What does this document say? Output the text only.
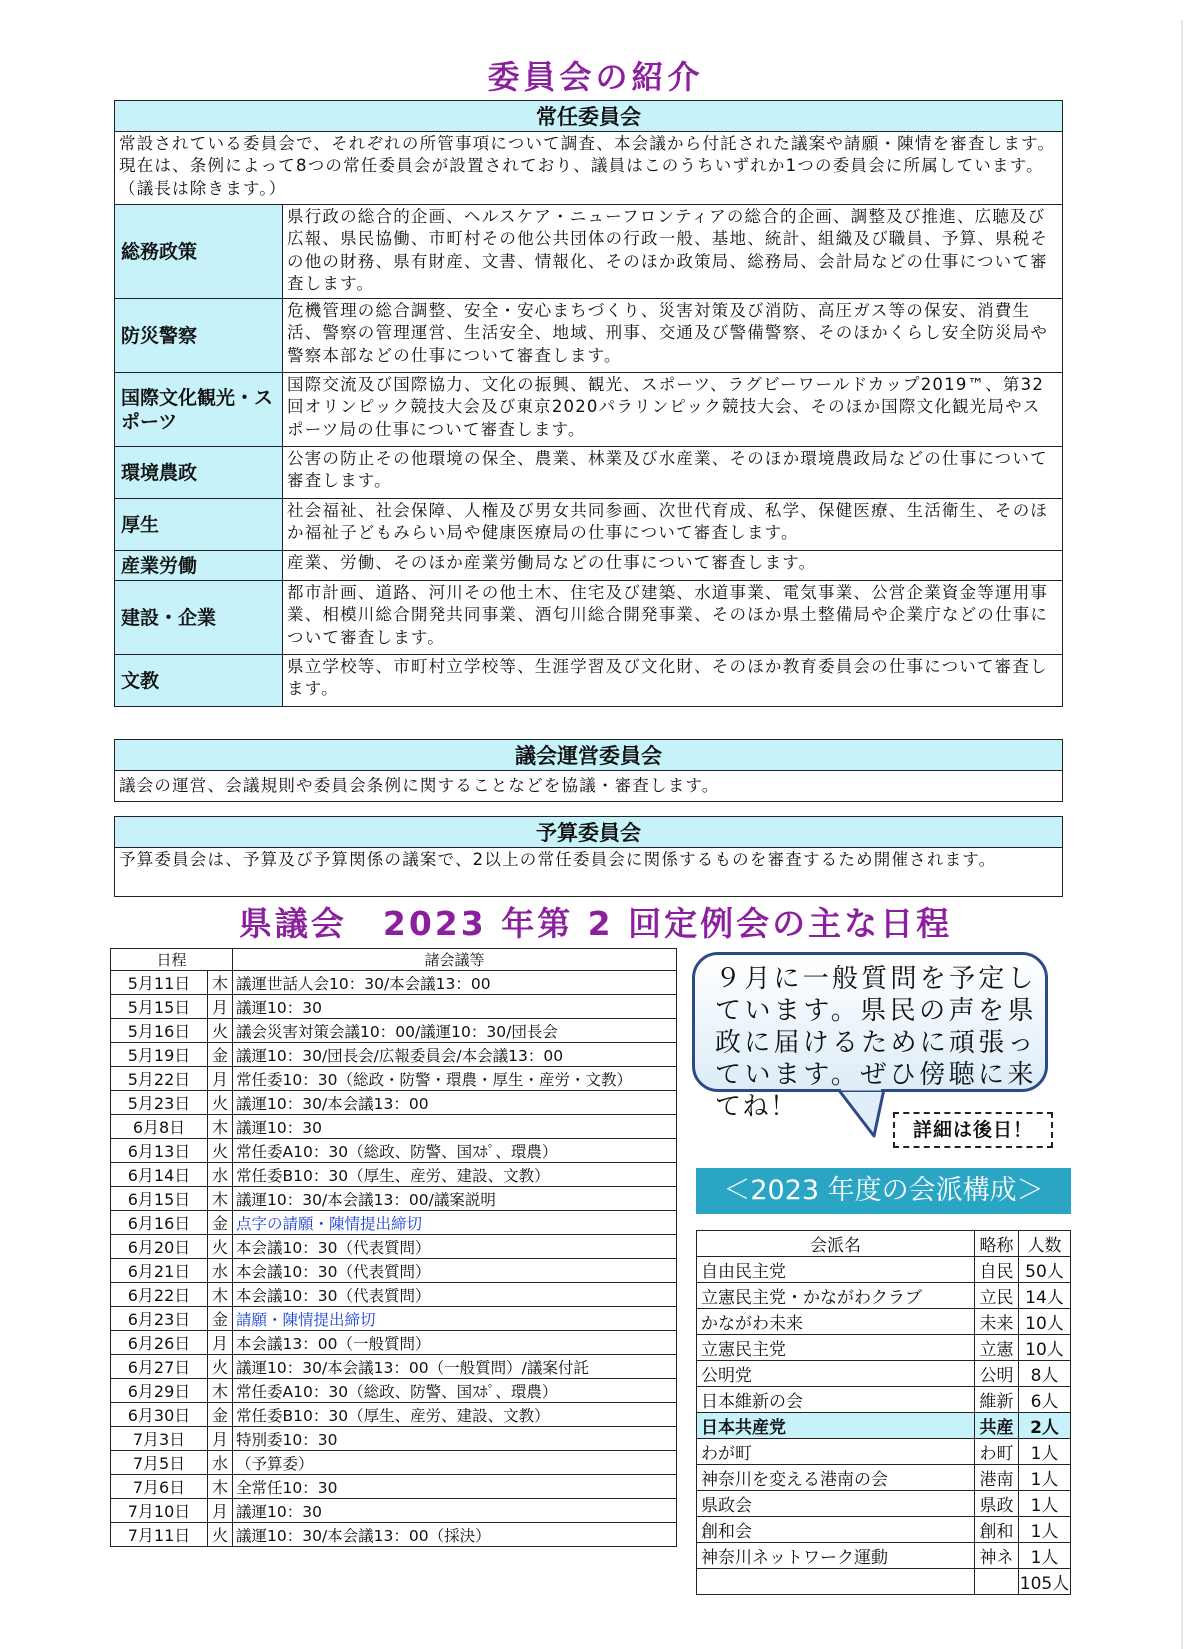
委員会の紹介
常任委員会	
常設されている委員会で、それぞれの所管事項について調査、本会議から付託された議案や請願・陳情を審査します。現在は、条例によって8つの常任委員会が設置されており、議員はこのうちいずれか1つの委員会に所属しています。（議長は除きます。）	
総務政策	県行政の総合的企画、ヘルスケア・ニューフロンティアの総合的企画、調整及び推進、広聴及び広報、県民協働、市町村その他公共団体の行政一般、基地、統計、組織及び職員、予算、県税その他の財務、県有財産、文書、情報化、そのほか政策局、総務局、会計局などの仕事について審査します。
防災警察	危機管理の総合調整、安全・安心まちづくり、災害対策及び消防、高圧ガス等の保安、消費生活、警察の管理運営、生活安全、地域、刑事、交通及び警備警察、そのほかくらし安全防災局や警察本部などの仕事について審査します。
国際文化観光・スポーツ	国際交流及び国際協力、文化の振興、観光、スポーツ、ラグビーワールドカップ2019™、第32回オリンピック競技大会及び東京2020パラリンピック競技大会、そのほか国際文化観光局やスポーツ局の仕事について審査します。
環境農政	公害の防止その他環境の保全、農業、林業及び水産業、そのほか環境農政局などの仕事について審査します。
厚生	社会福祉、社会保障、人権及び男女共同参画、次世代育成、私学、保健医療、生活衛生、そのほか福祉子どもみらい局や健康医療局の仕事について審査します。
産業労働	産業、労働、そのほか産業労働局などの仕事について審査します。
建設・企業	都市計画、道路、河川その他土木、住宅及び建築、水道事業、電気事業、公営企業資金等運用事業、相模川総合開発共同事業、酒匂川総合開発事業、そのほか県土整備局や企業庁などの仕事について審査します。
文教	県立学校等、市町村立学校等、生涯学習及び文化財、そのほか教育委員会の仕事について審査します。
議会運営委員会
議会の運営、会議規則や委員会条例に関することなどを協議・審査します。
予算委員会
予算委員会は、予算及び予算関係の議案で、2以上の常任委員会に関係するものを審査するため開催されます。
県議会　2023 年第 2 回定例会の主な日程
日程		諸会議等
5月11日	木	議運世話人会10：30/本会議13：00
5月15日	月	議運10：30
5月16日	火	議会災害対策会議10：00/議運10：30/団長会
5月19日	金	議運10：30/団長会/広報委員会/本会議13：00
5月22日	月	常任委10：30（総政・防警・環農・厚生・産労・文教）
5月23日	火	議運10：30/本会議13：00
6月8日	木	議運10：30
6月13日	火	常任委A10：30（総政、防警、国ｽﾎﾟ、環農）
6月14日	水	常任委B10：30（厚生、産労、建設、文教）
6月15日	木	議運10：30/本会議13：00/議案説明
6月16日	金	点字の請願・陳情提出締切
6月20日	火	本会議10：30（代表質問）
6月21日	水	本会議10：30（代表質問）
6月22日	木	本会議10：30（代表質問）
6月23日	金	請願・陳情提出締切
6月26日	月	本会議13：00（一般質問）
6月27日	火	議運10：30/本会議13：00（一般質問）/議案付託
6月29日	木	常任委A10：30（総政、防警、国ｽﾎﾟ、環農）
6月30日	金	常任委B10：30（厚生、産労、建設、文教）
7月3日	月	特別委10：30
7月5日	水	（予算委）
7月6日	木	全常任10：30
7月10日	月	議運10：30
7月11日	火	議運10：30/本会議13：00（採決）
９月に一般質問を予定しています。県民の声を県政に届けるために頑張っています。ぜひ傍聴に来てね！
詳細は後日！
＜2023 年度の会派構成＞
会派名	略称	人数
自由民主党	自民	50人
立憲民主党・かながわクラブ	立民	14人
かながわ未来	未来	10人
立憲民主党	立憲	10人
公明党	公明	8人
日本維新の会	維新	6人
日本共産党	共産	2人
わが町	わ町	1人
神奈川を変える港南の会	港南	1人
県政会	県政	1人
創和会	創和	1人
神奈川ネットワーク運動	神ネ	1人
		105人
